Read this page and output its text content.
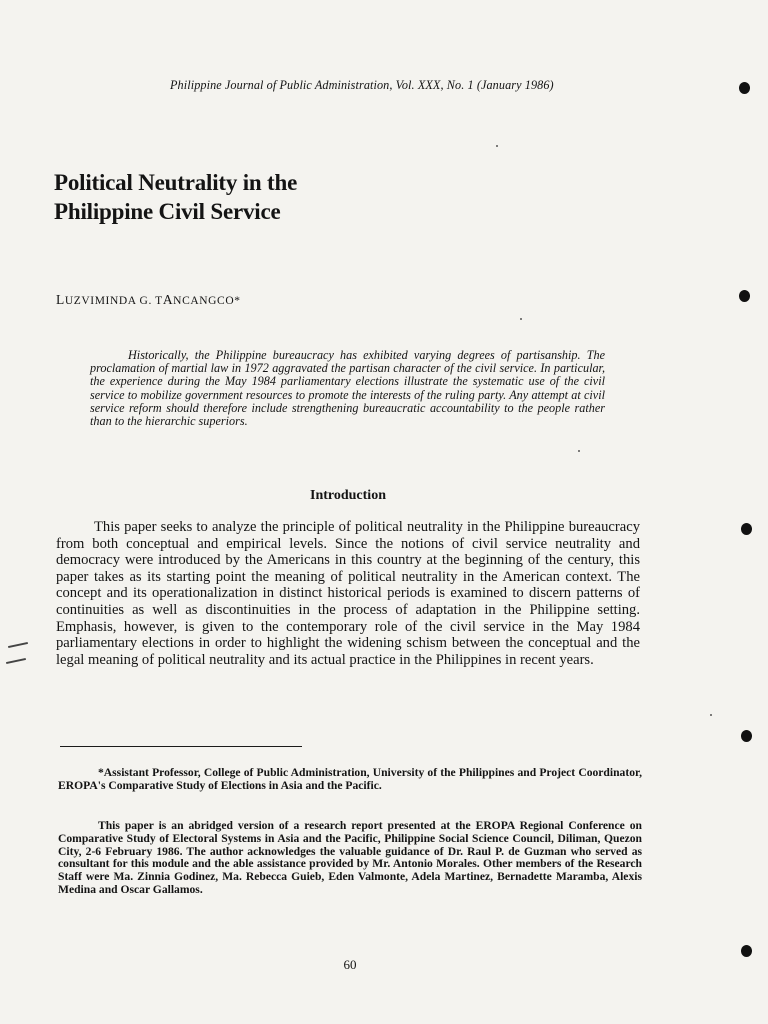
Philippine Journal of Public Administration, Vol. XXX, No. 1 (January 1986)
Political Neutrality in the
Philippine Civil Service
LUZVIMINDA G. TANCANGCO*
Historically, the Philippine bureaucracy has exhibited varying degrees of partisanship. The proclamation of martial law in 1972 aggravated the partisan character of the civil service. In particular, the experience during the May 1984 parliamentary elections illustrate the systematic use of the civil service to mobilize government resources to promote the interests of the ruling party. Any attempt at civil service reform should therefore include strengthening bureaucratic accountability to the people rather than to the hierarchic superiors.
Introduction
This paper seeks to analyze the principle of political neutrality in the Philippine bureaucracy from both conceptual and empirical levels. Since the notions of civil service neutrality and democracy were introduced by the Americans in this country at the beginning of the century, this paper takes as its starting point the meaning of political neutrality in the American context. The concept and its operationalization in distinct historical periods is examined to discern patterns of continuities as well as discontinuities in the process of adaptation in the Philippine setting. Emphasis, however, is given to the contemporary role of the civil service in the May 1984 parliamentary elections in order to highlight the widening schism between the conceptual and the legal meaning of political neutrality and its actual practice in the Philippines in recent years.
*Assistant Professor, College of Public Administration, University of the Philippines and Project Coordinator, EROPA's Comparative Study of Elections in Asia and the Pacific.
This paper is an abridged version of a research report presented at the EROPA Regional Conference on Comparative Study of Electoral Systems in Asia and the Pacific, Philippine Social Science Council, Diliman, Quezon City, 2-6 February 1986. The author acknowledges the valuable guidance of Dr. Raul P. de Guzman who served as consultant for this module and the able assistance provided by Mr. Antonio Morales. Other members of the Research Staff were Ma. Zinnia Godinez, Ma. Rebecca Guieb, Eden Valmonte, Adela Martinez, Bernadette Maramba, Alexis Medina and Oscar Gallamos.
60
